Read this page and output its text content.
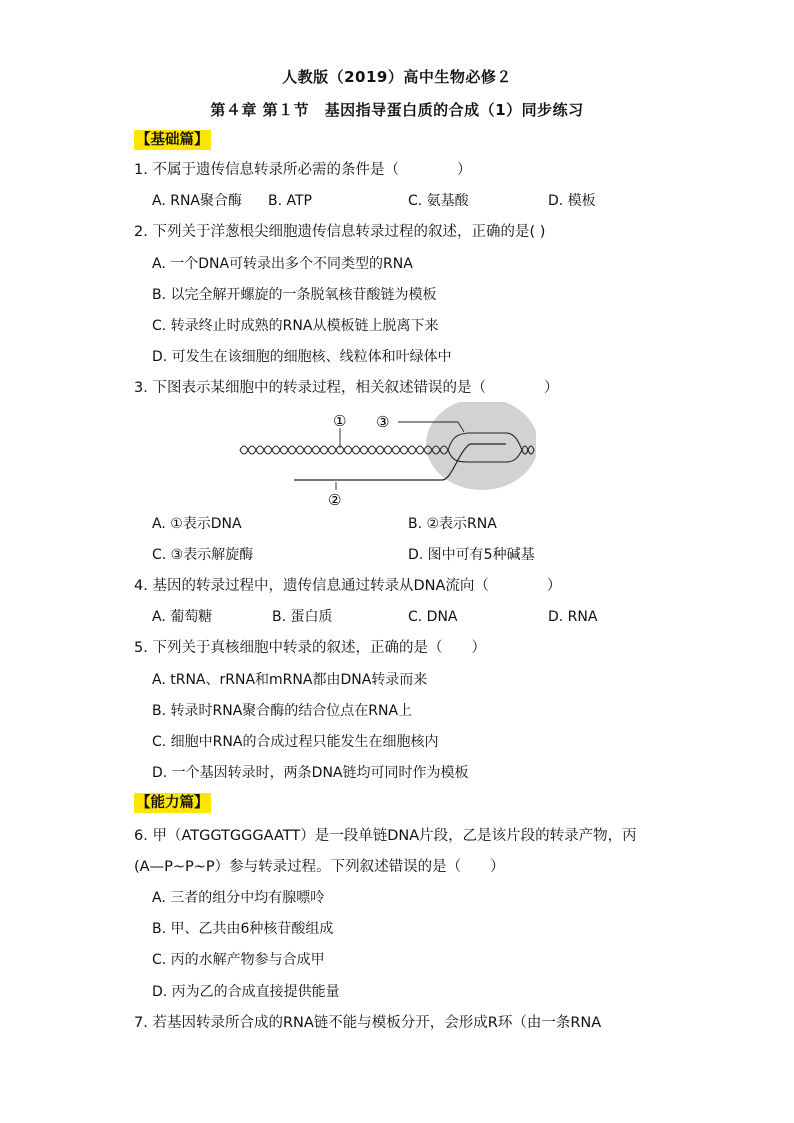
人教版（2019）高中生物必修２
第４章 第１节　基因指导蛋白质的合成（1）同步练习
【基础篇】
1. 不属于遗传信息转录所必需的条件是（　　　　）
A. RNA聚合酶 B. ATP	C. 氨基酸	D. 模板
2. 下列关于洋葱根尖细胞遗传信息转录过程的叙述，正确的是( )
A. 一个DNA可转录出多个不同类型的RNA
B. 以完全解开螺旋的一条脱氧核苷酸链为模板
C. 转录终止时成熟的RNA从模板链上脱离下来
D. 可发生在该细胞的细胞核、线粒体和叶绿体中
3. 下图表示某细胞中的转录过程，相关叙述错误的是（　　　　）
①
②
③
A. ①表示DNA	B. ②表示RNA
C. ③表示解旋酶	D. 图中可有5种碱基
4. 基因的转录过程中，遗传信息通过转录从DNA流向（　　　　）
A. 葡萄糖	B. 蛋白质	C. DNA	D. RNA
5. 下列关于真核细胞中转录的叙述，正确的是（　　）
A. tRNA、rRNA和mRNA都由DNA转录而来
B. 转录时RNA聚合酶的结合位点在RNA上
C. 细胞中RNA的合成过程只能发生在细胞核内
D. 一个基因转录时，两条DNA链均可同时作为模板
【能力篇】
6. 甲（ATGGTGGGAATT）是一段单链DNA片段，乙是该片段的转录产物，丙
(A—P~P~P）参与转录过程。下列叙述错误的是（　　）
A. 三者的组分中均有腺嘌呤
B. 甲、乙共由6种核苷酸组成
C. 丙的水解产物参与合成甲
D. 丙为乙的合成直接提供能量
7. 若基因转录所合成的RNA链不能与模板分开，会形成R环（由一条RNA
